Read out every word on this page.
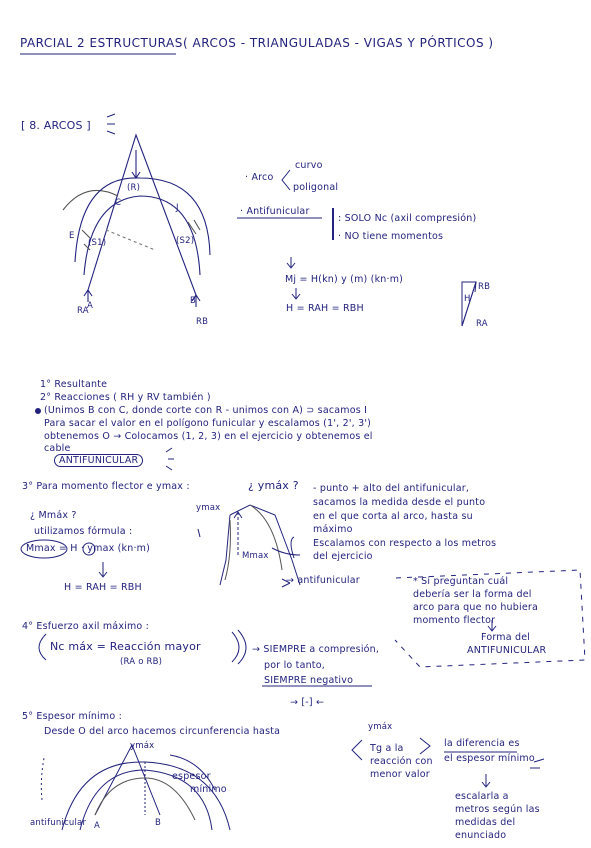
PARCIAL 2 ESTRUCTURAS ( ARCOS - TRIANGULADAS - VIGAS Y PÓRTICOS )
[ 8. ARCOS ]
(R)
C	J
E
(S1)	(S2)
A	B
RA
RB
· Arco
curvo
poligonal
· Antifunicular
: SOLO Nc (axil compresión)
· NO tiene momentos
Mj = H(kn) y (m) (kn·m)
H = RAH = RBH
H
RB
RA
1° Resultante
2° Reacciones ( RH y RV también )
(Unimos B con C, donde corte con R - unimos con A) ⊃ sacamos I
Para sacar el valor en el polígono funicular y escalamos (1', 2', 3')
obtenemos O → Colocamos (1, 2, 3) en el ejercicio y obtenemos el
cable
ANTIFUNICULAR
3° Para momento flector e ymax :	¿ ymáx ? - punto + alto del antifunicular,
sacamos la medida desde el punto
en el que corta al arco, hasta su
máximo
Escalamos con respecto a los metros
del ejercicio
¿ Mmáx ?
utilizamos fórmula :
Mmax = H · ymax (kn·m)
H = RAH = RBH
ymax
Mmax
→ antifunicular	* Si preguntan cuál
debería ser la forma del
arco para que no hubiera
momento flector
Forma del
ANTIFUNICULAR
4° Esfuerzo axil máximo :
Nc máx = Reacción mayor
(RA o RB)
→ SIEMPRE a compresión,
por lo tanto,
SIEMPRE negativo
→ [-] ←
5° Espesor mínimo :
Desde O del arco hacemos circunferencia hasta	ymáx
Tg a la
reacción con
menor valor
la diferencia es
el espesor mínimo
escalarla a
metros según las
medidas del
enunciado
ymáx
espesor
mínimo
antifunicular A	B
